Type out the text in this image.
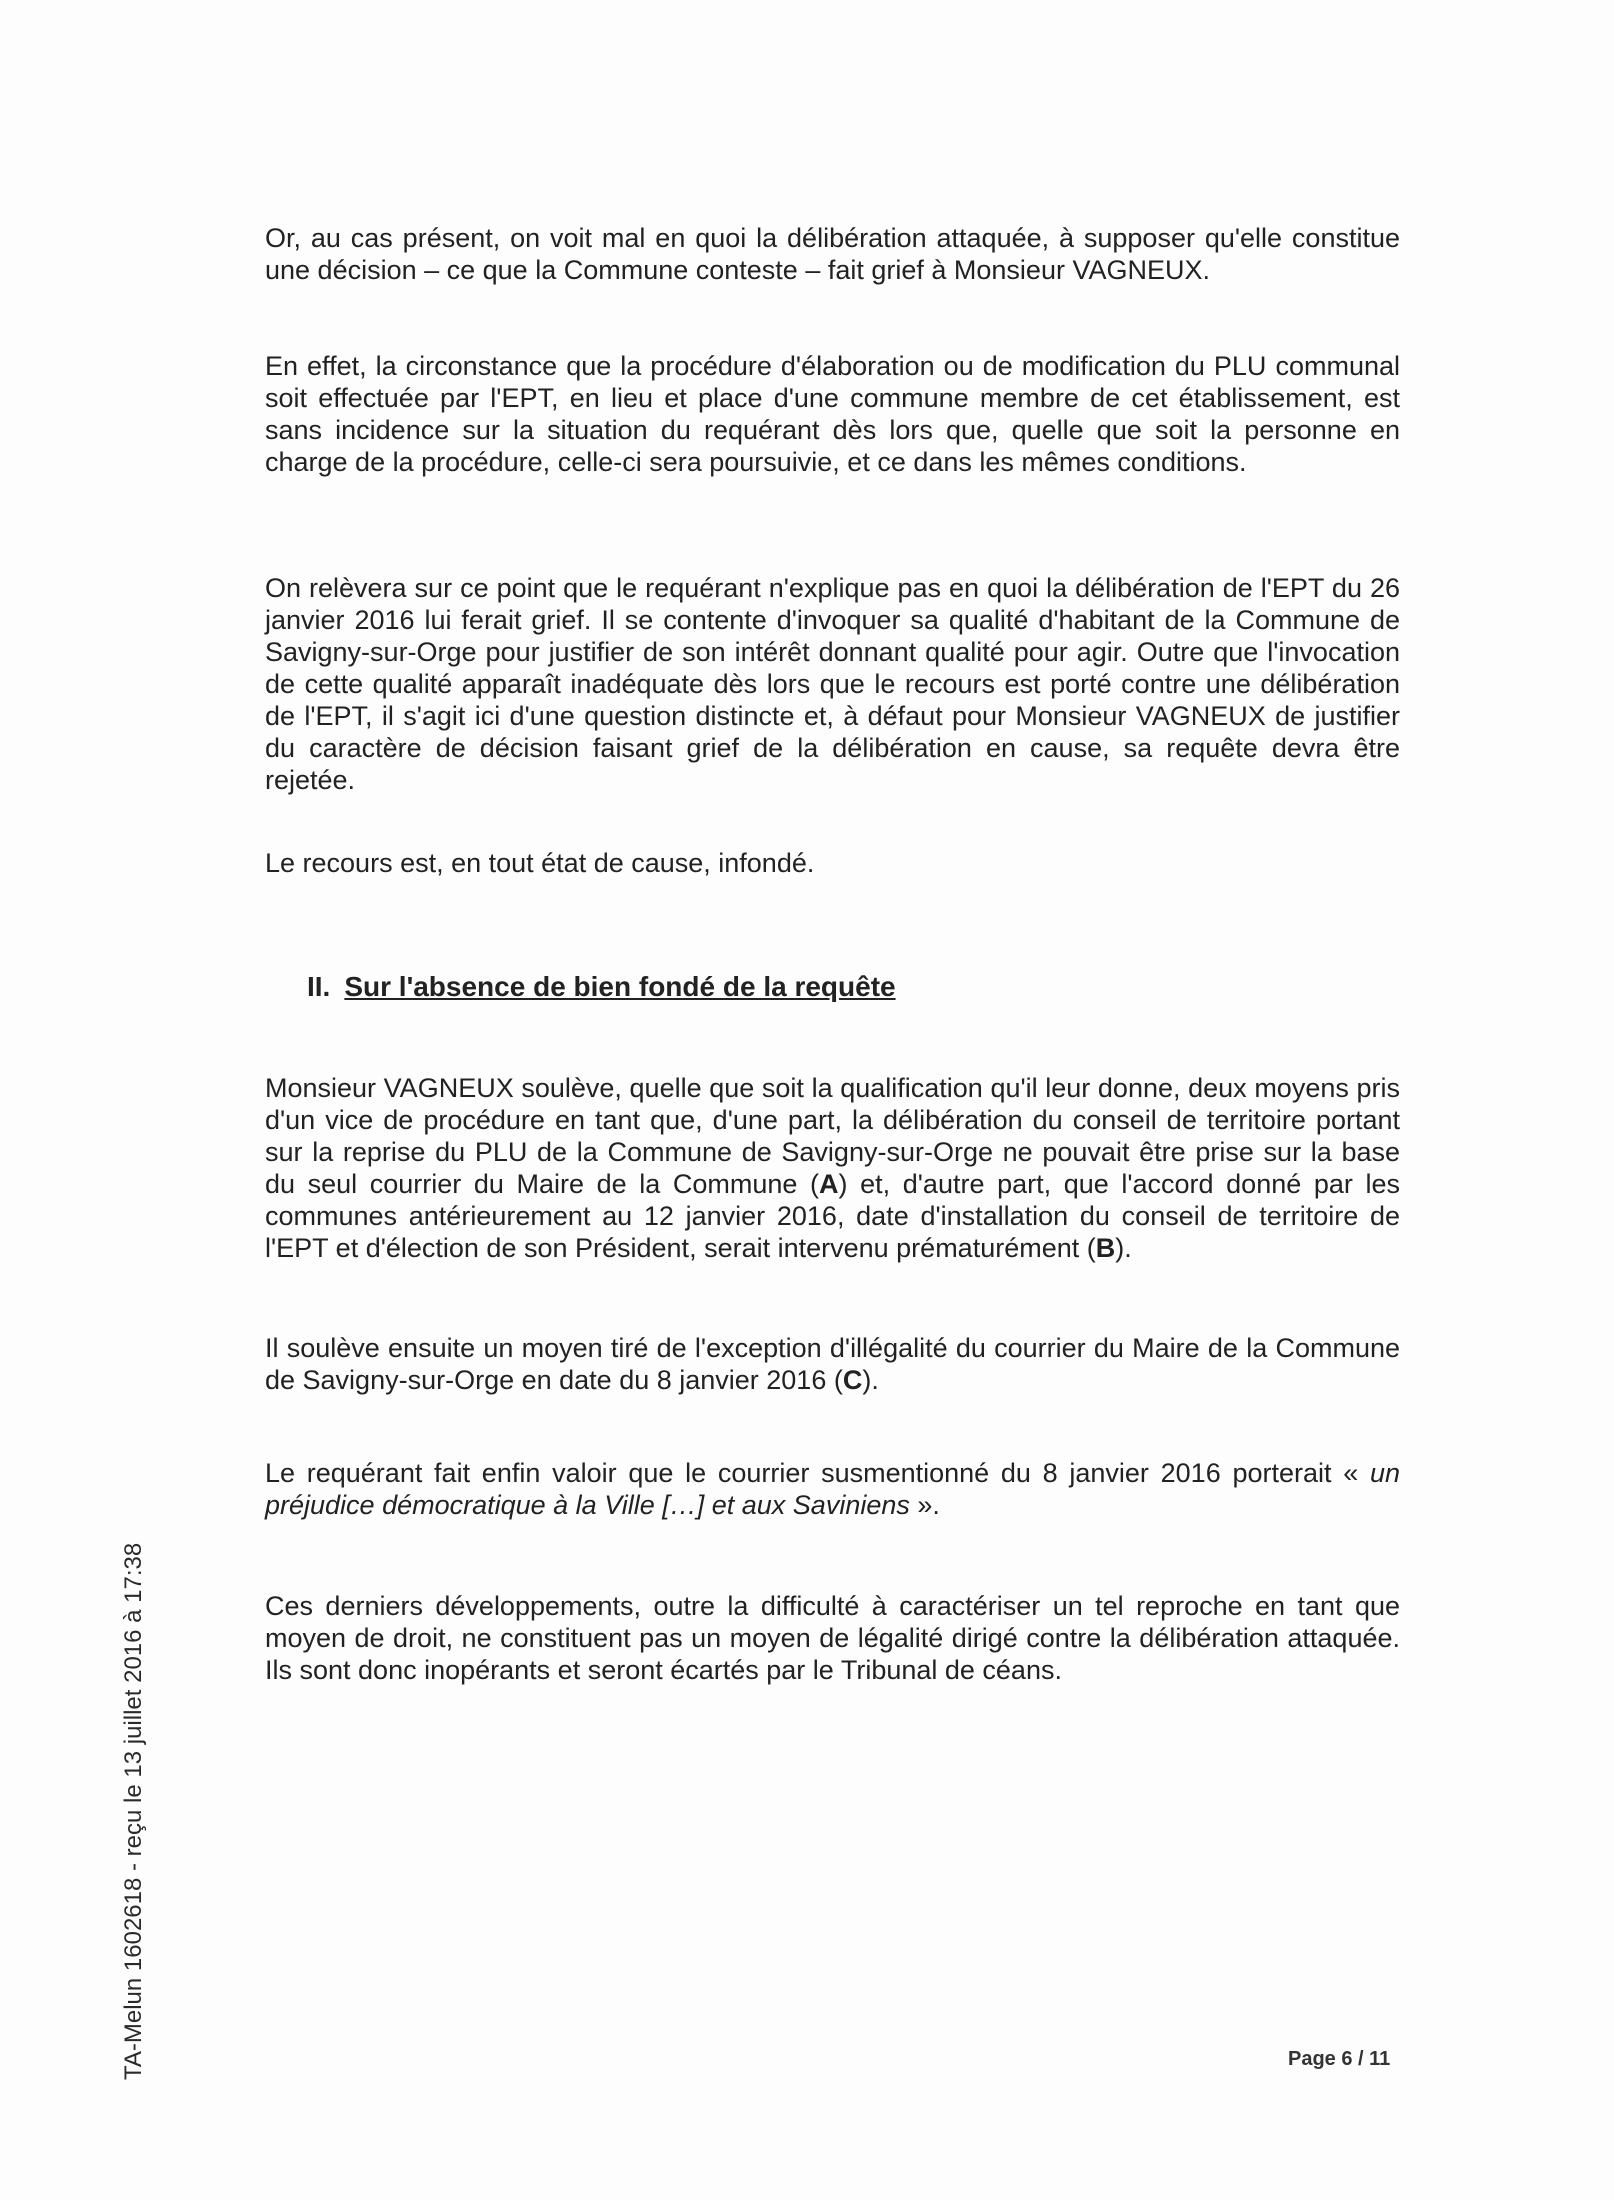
Or, au cas présent, on voit mal en quoi la délibération attaquée, à supposer qu'elle constitue une décision – ce que la Commune conteste – fait grief à Monsieur VAGNEUX.

En effet, la circonstance que la procédure d'élaboration ou de modification du PLU communal soit effectuée par l'EPT, en lieu et place d'une commune membre de cet établissement, est sans incidence sur la situation du requérant dès lors que, quelle que soit la personne en charge de la procédure, celle-ci sera poursuivie, et ce dans les mêmes conditions.

On relèvera sur ce point que le requérant n'explique pas en quoi la délibération de l'EPT du 26 janvier 2016 lui ferait grief. Il se contente d'invoquer sa qualité d'habitant de la Commune de Savigny-sur-Orge pour justifier de son intérêt donnant qualité pour agir. Outre que l'invocation de cette qualité apparaît inadéquate dès lors que le recours est porté contre une délibération de l'EPT, il s'agit ici d'une question distincte et, à défaut pour Monsieur VAGNEUX de justifier du caractère de décision faisant grief de la délibération en cause, sa requête devra être rejetée.

Le recours est, en tout état de cause, infondé.

II. Sur l'absence de bien fondé de la requête

Monsieur VAGNEUX soulève, quelle que soit la qualification qu'il leur donne, deux moyens pris d'un vice de procédure en tant que, d'une part, la délibération du conseil de territoire portant sur la reprise du PLU de la Commune de Savigny-sur-Orge ne pouvait être prise sur la base du seul courrier du Maire de la Commune (A) et, d'autre part, que l'accord donné par les communes antérieurement au 12 janvier 2016, date d'installation du conseil de territoire de l'EPT et d'élection de son Président, serait intervenu prématurément (B).

Il soulève ensuite un moyen tiré de l'exception d'illégalité du courrier du Maire de la Commune de Savigny-sur-Orge en date du 8 janvier 2016 (C).

Le requérant fait enfin valoir que le courrier susmentionné du 8 janvier 2016 porterait « un préjudice démocratique à la Ville […] et aux Saviniens ».

Ces derniers développements, outre la difficulté à caractériser un tel reproche en tant que moyen de droit, ne constituent pas un moyen de légalité dirigé contre la délibération attaquée. Ils sont donc inopérants et seront écartés par le Tribunal de céans.

TA-Melun 1602618 - reçu le 13 juillet 2016 à 17:38	Page 6 / 11
